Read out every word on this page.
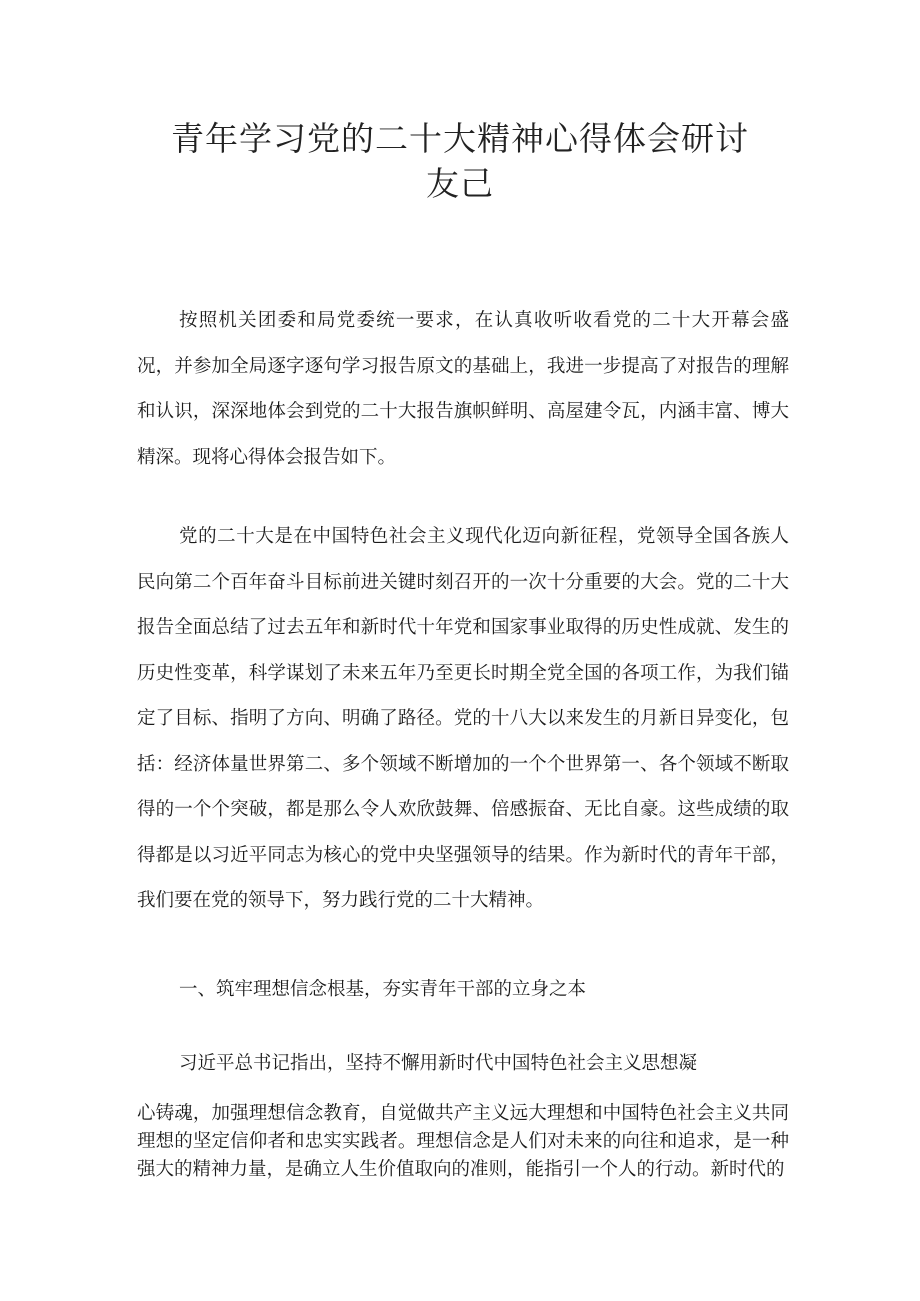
青年学习党的二十大精神心得体会研讨
友己

按照机关团委和局党委统一要求，在认真收听收看党的二十大开幕会盛况，并参加全局逐字逐句学习报告原文的基础上，我进一步提高了对报告的理解和认识，深深地体会到党的二十大报告旗帜鲜明、高屋建令瓦，内涵丰富、博大精深。现将心得体会报告如下。

党的二十大是在中国特色社会主义现代化迈向新征程，党领导全国各族人民向第二个百年奋斗目标前进关键时刻召开的一次十分重要的大会。党的二十大报告全面总结了过去五年和新时代十年党和国家事业取得的历史性成就、发生的历史性变革，科学谋划了未来五年乃至更长时期全党全国的各项工作，为我们锚定了目标、指明了方向、明确了路径。党的十八大以来发生的月新日异变化，包括：经济体量世界第二、多个领域不断增加的一个个世界第一、各个领域不断取得的一个个突破，都是那么令人欢欣鼓舞、倍感振奋、无比自豪。这些成绩的取得都是以习近平同志为核心的党中央坚强领导的结果。作为新时代的青年干部，我们要在党的领导下，努力践行党的二十大精神。

一、筑牢理想信念根基，夯实青年干部的立身之本

习近平总书记指出，坚持不懈用新时代中国特色社会主义思想凝

心铸魂，加强理想信念教育，自觉做共产主义远大理想和中国特色社会主义共同理想的坚定信仰者和忠实实践者。理想信念是人们对未来的向往和追求，是一种强大的精神力量，是确立人生价值取向的准则，能指引一个人的行动。新时代的
